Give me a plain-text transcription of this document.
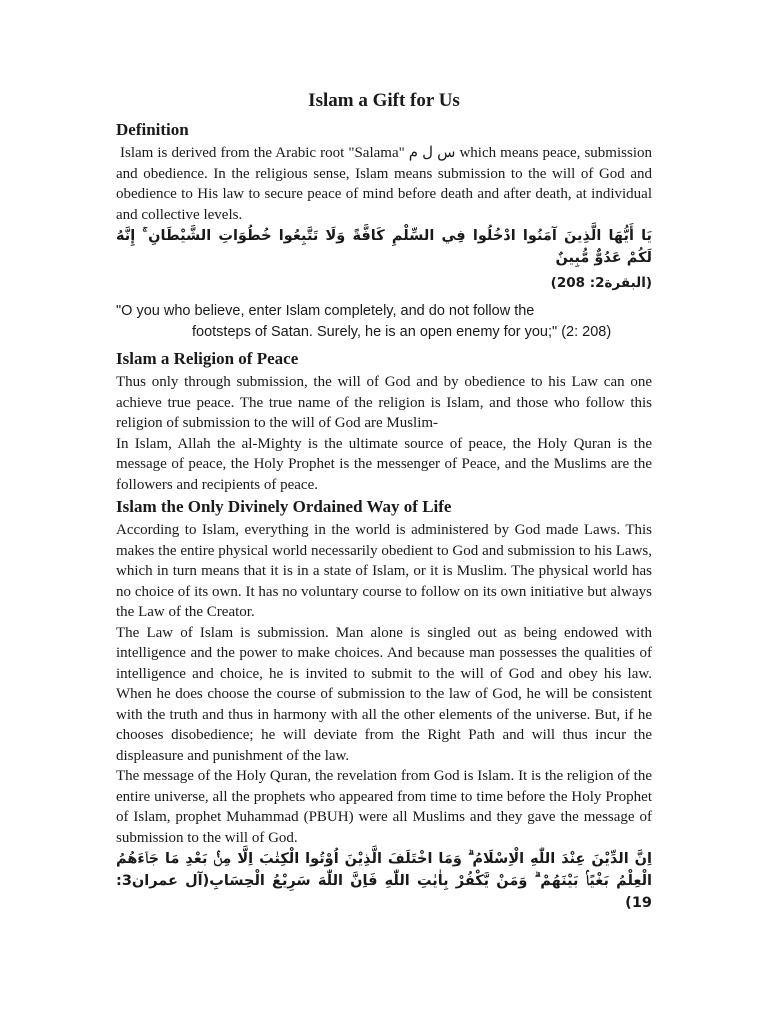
Islam a Gift for Us
Definition

Islam is derived from the Arabic root "Salama" س ل م which means peace, submission and obedience. In the religious sense, Islam means submission to the will of God and obedience to His law to secure peace of mind before death and after death, at individual and collective levels.

يَا أَيُّهَا الَّذِينَ آمَنُوا ادْخُلُوا فِي السِّلْمِ كَافَّةً وَلَا تَتَّبِعُوا خُطُوَاتِ الشَّيْطَانِ ۚ إِنَّهُ لَكُمْ عَدُوٌّ مُّبِينٌ

(البقرة2: 208)

"O you who believe, enter Islam completely, and do not follow the
footsteps of Satan. Surely, he is an open enemy for you;" (2: 208)

Islam a Religion of Peace

Thus only through submission, the will of God and by obedience to his Law can one achieve true peace. The true name of the religion is Islam, and those who follow this religion of submission to the will of God are Muslim-

In Islam, Allah the al-Mighty is the ultimate source of peace, the Holy Quran is the message of peace, the Holy Prophet is the messenger of Peace, and the Muslims are the followers and recipients of peace.

Islam the Only Divinely Ordained Way of Life

According to Islam, everything in the world is administered by God made Laws. This makes the entire physical world necessarily obedient to God and submission to his Laws, which in turn means that it is in a state of Islam, or it is Muslim. The physical world has no choice of its own. It has no voluntary course to follow on its own initiative but always the Law of the Creator.

The Law of Islam is submission. Man alone is singled out as being endowed with intelligence and the power to make choices. And because man possesses the qualities of intelligence and choice, he is invited to submit to the will of God and obey his law. When he does choose the course of submission to the law of God, he will be consistent with the truth and thus in harmony with all the other elements of the universe. But, if he chooses disobedience; he will deviate from the Right Path and will thus incur the displeasure and punishment of the law.

The message of the Holy Quran, the revelation from God is Islam. It is the religion of the entire universe, all the prophets who appeared from time to time before the Holy Prophet of Islam, prophet Muhammad (PBUH) were all Muslims and they gave the message of submission to the will of God.

اِنَّ الدِّيْنَ عِنْدَ اللّٰهِ الْاِسْلَامُ ۗ وَمَا اخْتَلَفَ الَّذِيْنَ اُوْتُوا الْكِتٰبَ اِلَّا مِنْۢ بَعْدِ مَا جَاۤءَهُمُ الْعِلْمُ بَغْيًاۢ بَيْنَهُمْ ۗ وَمَنْ يَّكْفُرْ بِاٰيٰتِ اللّٰهِ فَاِنَّ اللّٰهَ سَرِيْعُ الْحِسَابِ(آل عمران3: 19)
